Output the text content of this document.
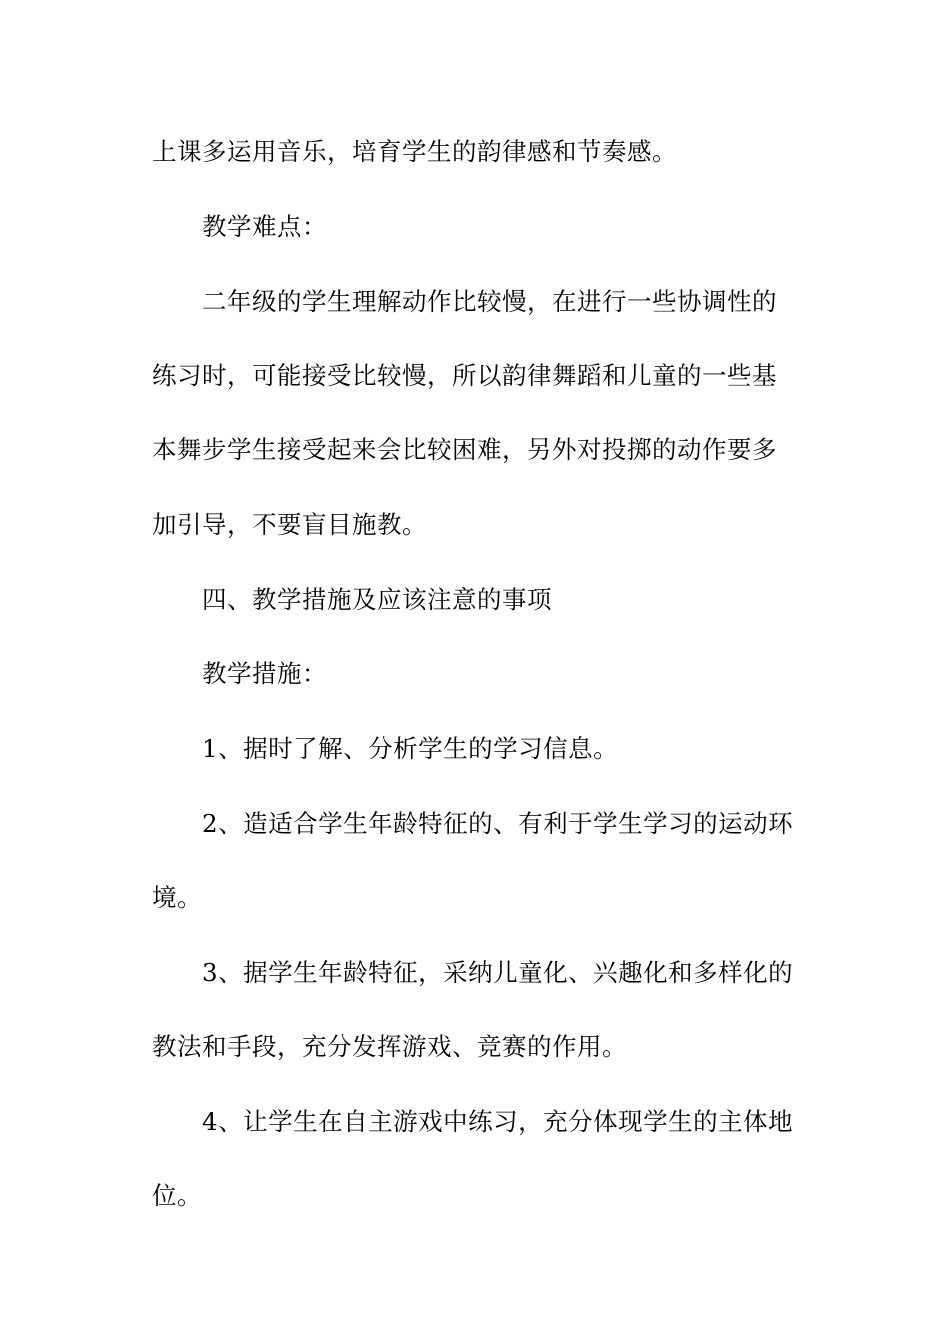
上课多运用音乐，培育学生的韵律感和节奏感。
教学难点：
二年级的学生理解动作比较慢，在进行一些协调性的
练习时，可能接受比较慢，所以韵律舞蹈和儿童的一些基
本舞步学生接受起来会比较困难，另外对投掷的动作要多
加引导，不要盲目施教。
四、教学措施及应该注意的事项
教学措施：
1、据时了解、分析学生的学习信息。
2、造适合学生年龄特征的、有利于学生学习的运动环
境。
3、据学生年龄特征，采纳儿童化、兴趣化和多样化的
教法和手段，充分发挥游戏、竞赛的作用。
4、让学生在自主游戏中练习，充分体现学生的主体地
位。
